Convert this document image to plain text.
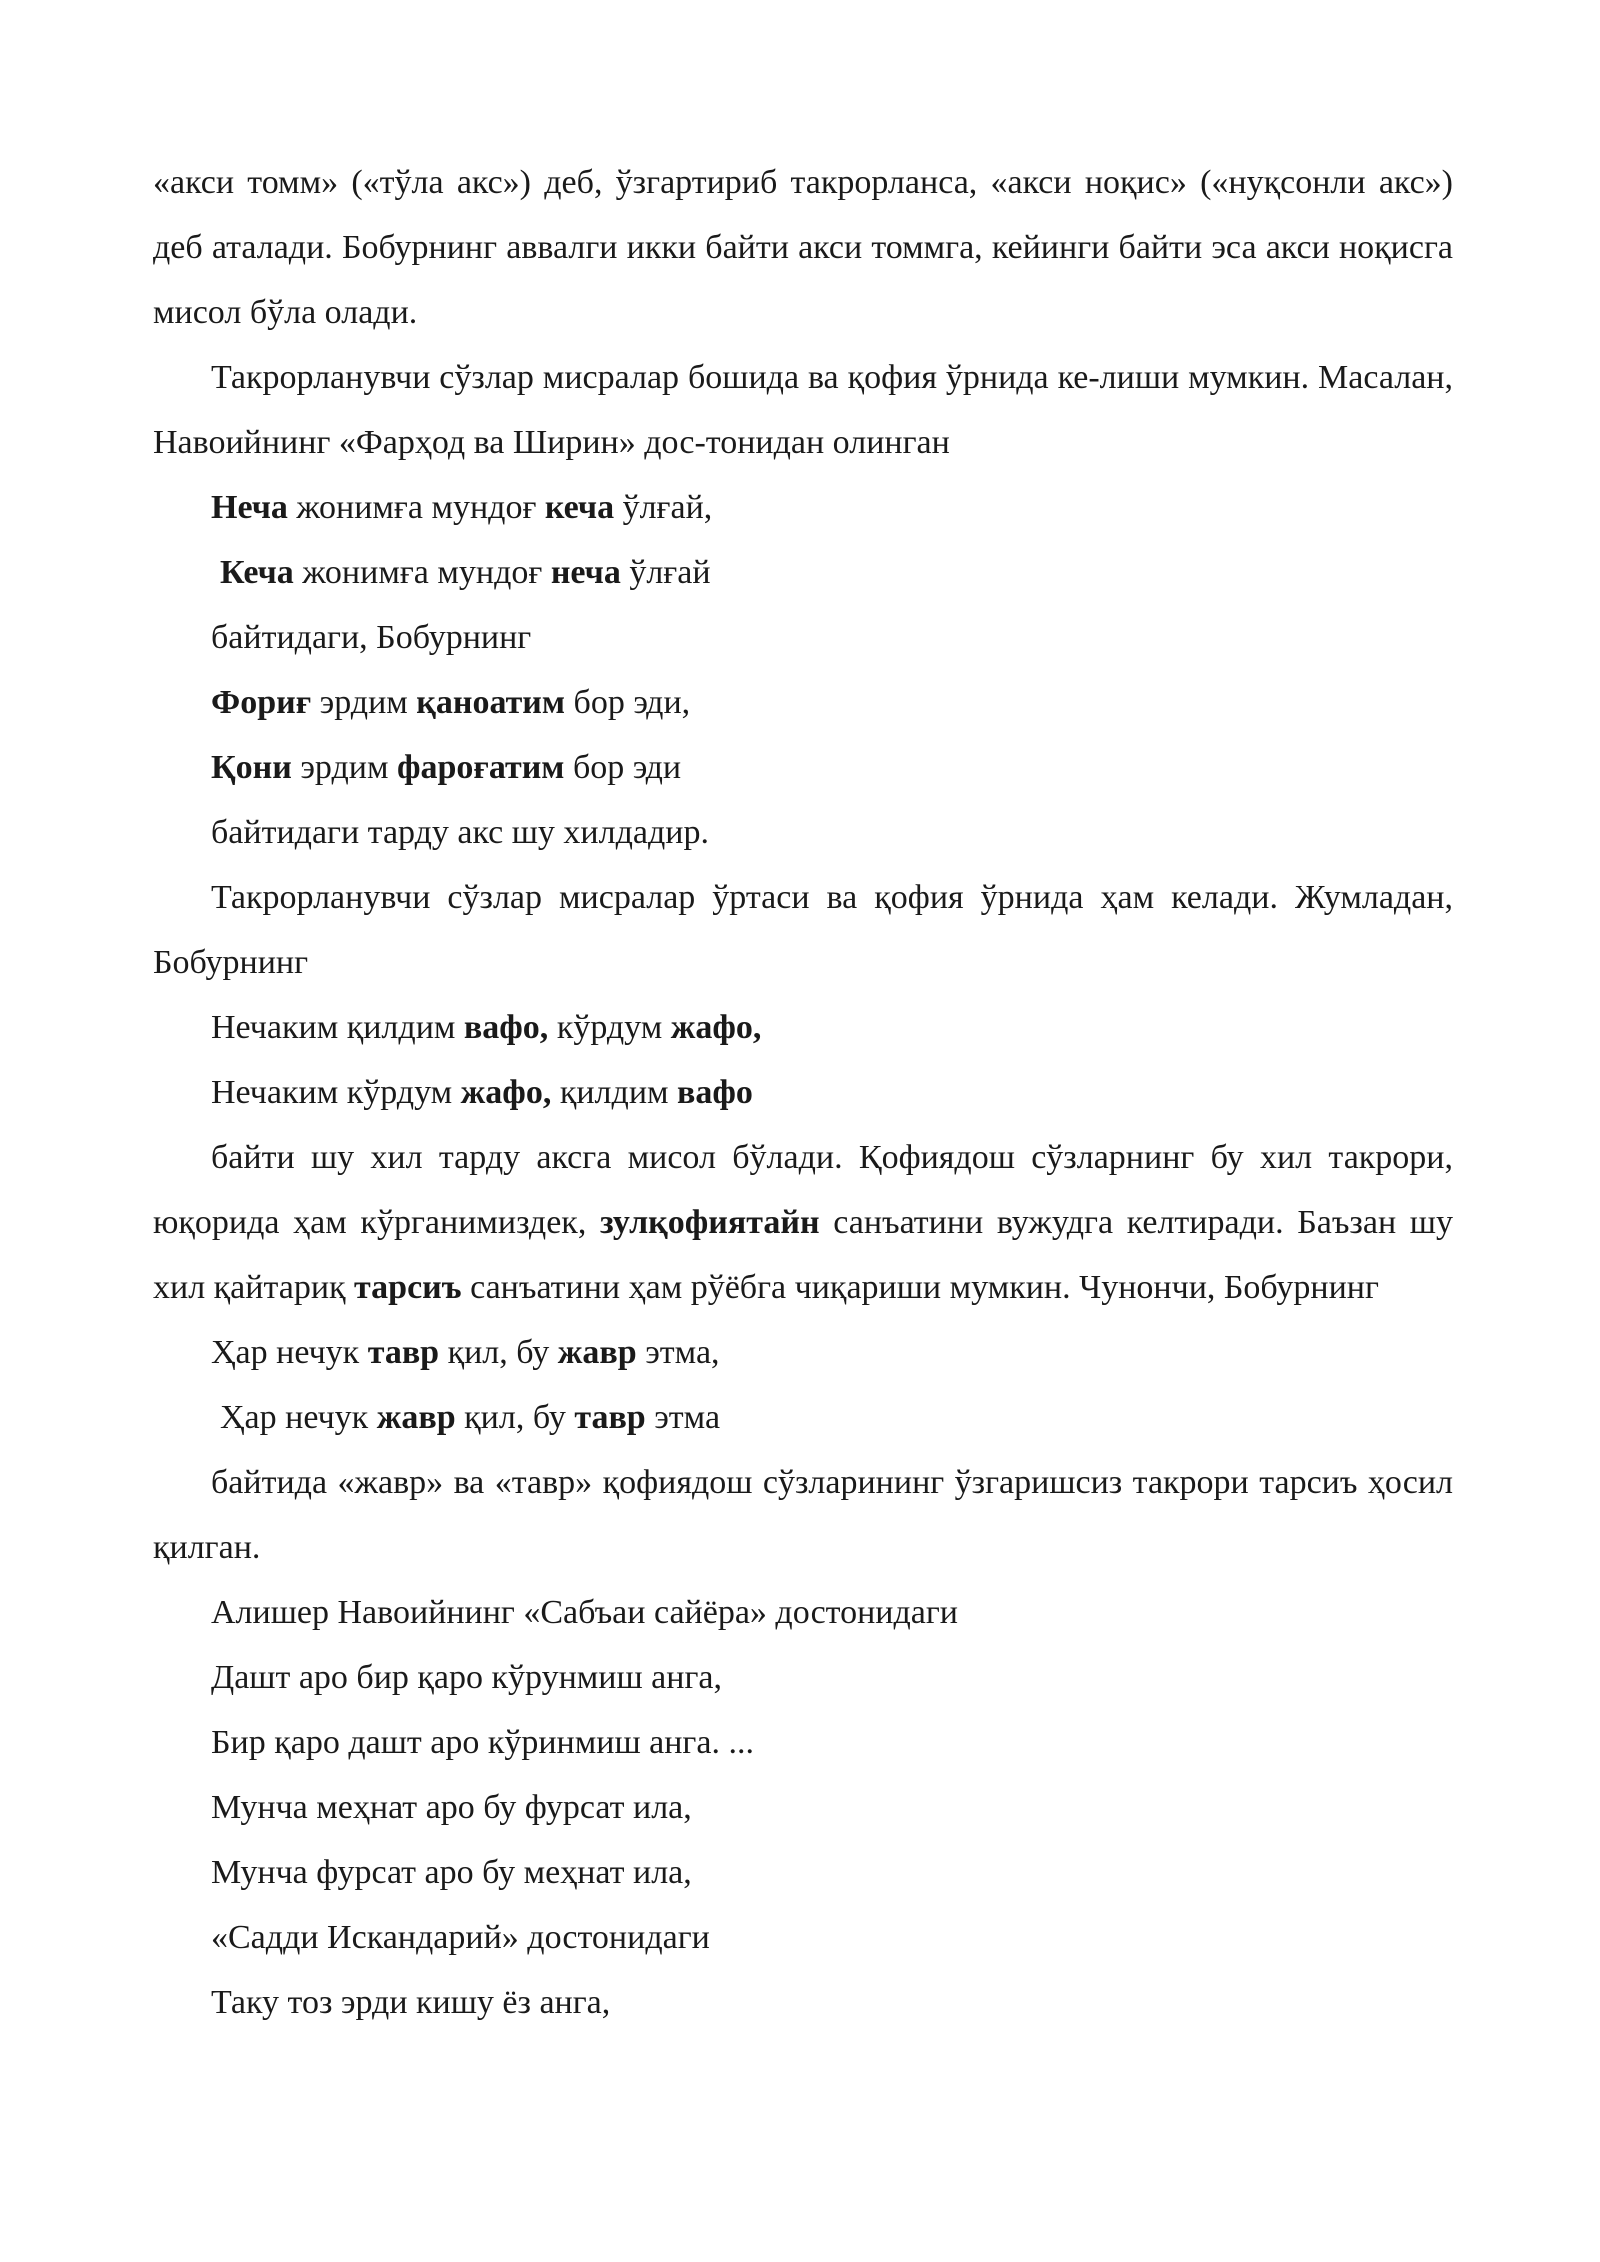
«акси томм» («тўла акс») деб, ўзгартириб такрорланса, «акси ноқис» («нуқсонли акс») деб аталади. Бобурнинг аввалги икки байти акси томмга, кейинги байти эса акси ноқисга мисол бўла олади.

Такрорланувчи сўзлар мисралар бошида ва қофия ўрнида ке-лиши мумкин. Масалан, Навоийнинг «Фарҳод ва Ширин» дос-тонидан олинган

Неча жонимға мундоғ кеча ўлғай,

Кеча жонимға мундоғ неча ўлғай

байтидаги, Бобурнинг

Фориғ эрдим қаноатим бор эди,

Қони эрдим фароғатим бор эди

байтидаги тарду акс шу хилдадир.

Такрорланувчи сўзлар мисралар ўртаси ва қофия ўрнида ҳам келади. Жумладан, Бобурнинг

Нечаким қилдим вафо, кўрдум жафо,

Нечаким кўрдум жафо, қилдим вафо

байти шу хил тарду аксга мисол бўлади. Қофиядош сўзларнинг бу хил такрори, юқорида ҳам кўрганимиздек, зулқофиятайн санъатини вужудга келтиради. Баъзан шу хил қайтариқ тарсиъ санъатини ҳам рўёбга чиқариши мумкин. Чунончи, Бобурнинг

Ҳар нечук тавр қил, бу жавр этма,

Ҳар нечук жавр қил, бу тавр этма

байтида «жавр» ва «тавр» қофиядош сўзларининг ўзгаришсиз такрори тарсиъ ҳосил қилган.

Алишер Навоийнинг «Сабъаи сайёра» достонидаги

Дашт аро бир қаро кўрунмиш анга,

Бир қаро дашт аро кўринмиш анга. ...

Мунча меҳнат аро бу фурсат ила,

Мунча фурсат аро бу меҳнат ила,

«Садди Искандарий» достонидаги

Таку тоз эрди кишу ёз анга,
